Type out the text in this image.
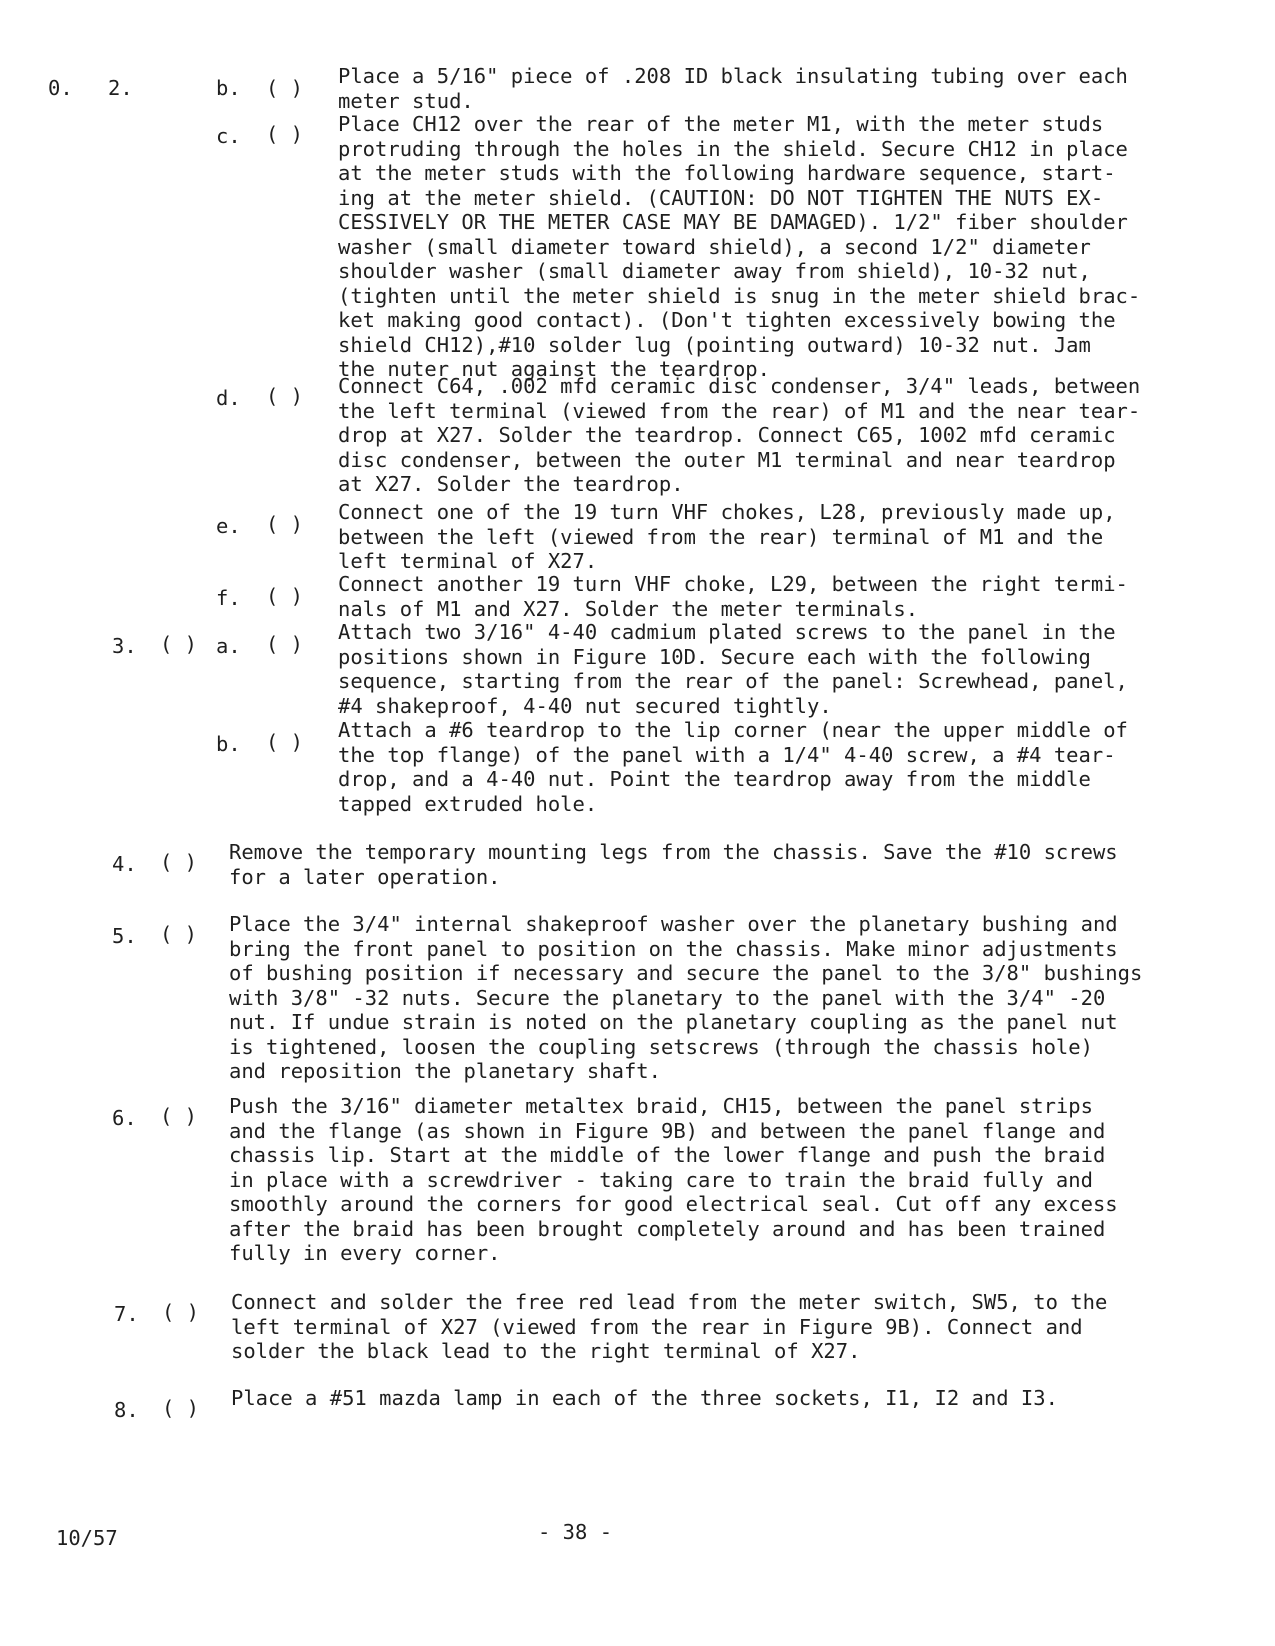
0. 2.	b. ( ) Place a 5/16" piece of .208 ID black insulating tubing over each
meter stud.
c. ( ) Place CH12 over the rear of the meter M1, with the meter studs
protruding through the holes in the shield. Secure CH12 in place
at the meter studs with the following hardware sequence, start-
ing at the meter shield. (CAUTION: DO NOT TIGHTEN THE NUTS EX-
CESSIVELY OR THE METER CASE MAY BE DAMAGED). 1/2" fiber shoulder
washer (small diameter toward shield), a second 1/2" diameter
shoulder washer (small diameter away from shield), 10-32 nut,
(tighten until the meter shield is snug in the meter shield brac-
ket making good contact). (Don't tighten excessively bowing the
shield CH12),#10 solder lug (pointing outward) 10-32 nut. Jam
the nuter nut against the teardrop.
d. ( ) Connect C64, .002 mfd ceramic disc condenser, 3/4" leads, between
the left terminal (viewed from the rear) of M1 and the near tear-
drop at X27. Solder the teardrop. Connect C65, 1002 mfd ceramic
disc condenser, between the outer M1 terminal and near teardrop
at X27. Solder the teardrop.
e. ( ) Connect one of the 19 turn VHF chokes, L28, previously made up,
between the left (viewed from the rear) terminal of M1 and the
left terminal of X27.
f. ( ) Connect another 19 turn VHF choke, L29, between the right termi-
nals of M1 and X27. Solder the meter terminals.
3. ( ) a. ( ) Attach two 3/16" 4-40 cadmium plated screws to the panel in the
positions shown in Figure 10D. Secure each with the following
sequence, starting from the rear of the panel: Screwhead, panel,
#4 shakeproof, 4-40 nut secured tightly.
b. ( ) Attach a #6 teardrop to the lip corner (near the upper middle of
the top flange) of the panel with a 1/4" 4-40 screw, a #4 tear-
drop, and a 4-40 nut. Point the teardrop away from the middle
tapped extruded hole.
4. ( ) Remove the temporary mounting legs from the chassis. Save the #10 screws
for a later operation.
5. ( ) Place the 3/4" internal shakeproof washer over the planetary bushing and
bring the front panel to position on the chassis. Make minor adjustments
of bushing position if necessary and secure the panel to the 3/8" bushings
with 3/8" -32 nuts. Secure the planetary to the panel with the 3/4" -20
nut. If undue strain is noted on the planetary coupling as the panel nut
is tightened, loosen the coupling setscrews (through the chassis hole)
and reposition the planetary shaft.
6. ( ) Push the 3/16" diameter metaltex braid, CH15, between the panel strips
and the flange (as shown in Figure 9B) and between the panel flange and
chassis lip. Start at the middle of the lower flange and push the braid
in place with a screwdriver - taking care to train the braid fully and
smoothly around the corners for good electrical seal. Cut off any excess
after the braid has been brought completely around and has been trained
fully in every corner.
7. ( ) Connect and solder the free red lead from the meter switch, SW5, to the
left terminal of X27 (viewed from the rear in Figure 9B). Connect and
solder the black lead to the right terminal of X27.
8. ( ) Place a #51 mazda lamp in each of the three sockets, I1, I2 and I3.
10/57	- 38 -
